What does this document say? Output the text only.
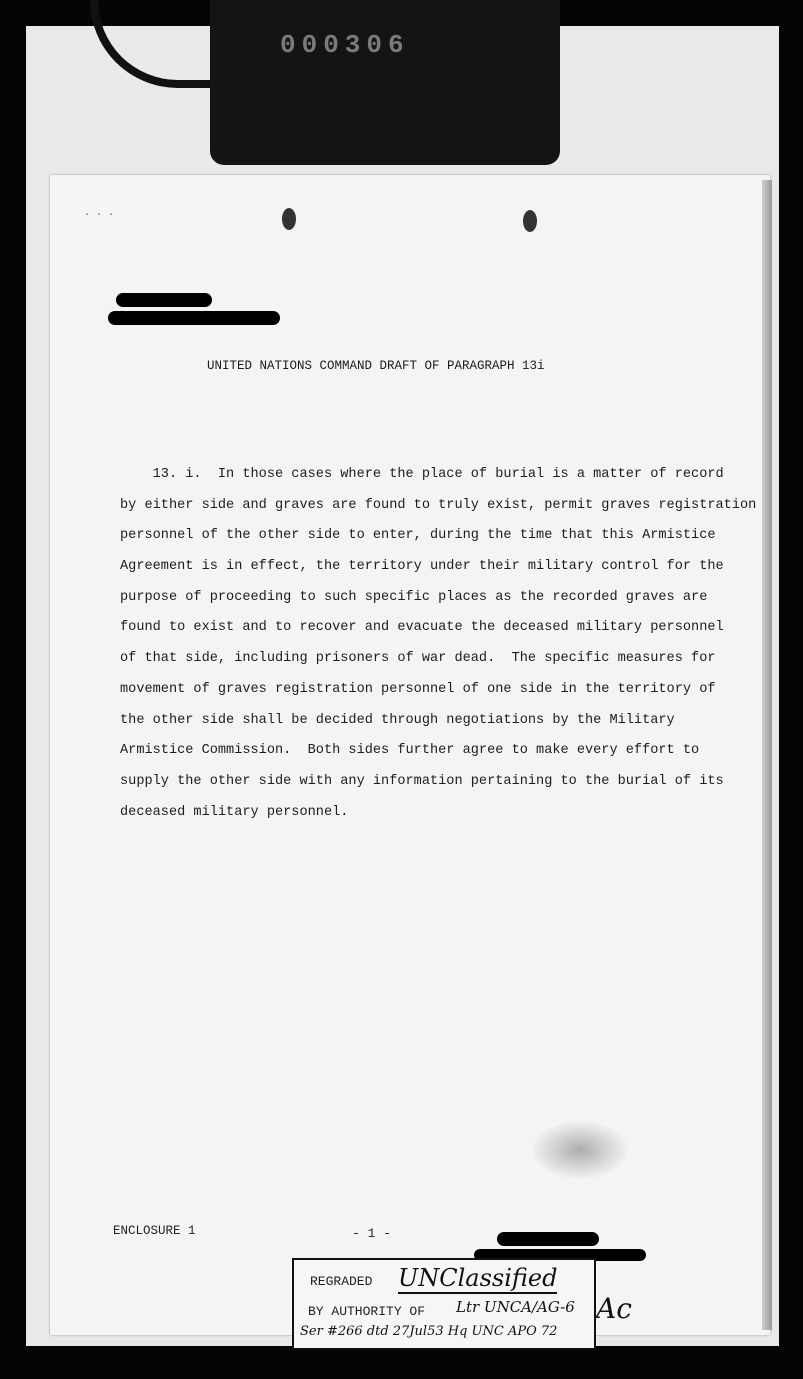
000306
· · ·
UNITED NATIONS COMMAND DRAFT OF PARAGRAPH 13i
13. i.  In those cases where the place of burial is a matter of record
by either side and graves are found to truly exist, permit graves registration
personnel of the other side to enter, during the time that this Armistice
Agreement is in effect, the territory under their military control for the
purpose of proceeding to such specific places as the recorded graves are
found to exist and to recover and evacuate the deceased military personnel
of that side, including prisoners of war dead.  The specific measures for
movement of graves registration personnel of one side in the territory of
the other side shall be decided through negotiations by the Military
Armistice Commission.  Both sides further agree to make every effort to
supply the other side with any information pertaining to the burial of its
deceased military personnel.
ENCLOSURE 1	- 1 -
REGRADED UNClassified
BY AUTHORITY OF Ltr UNCA/AG-6
Ser #266 dtd 27Jul53 Hq UNC APO 72
Ac
